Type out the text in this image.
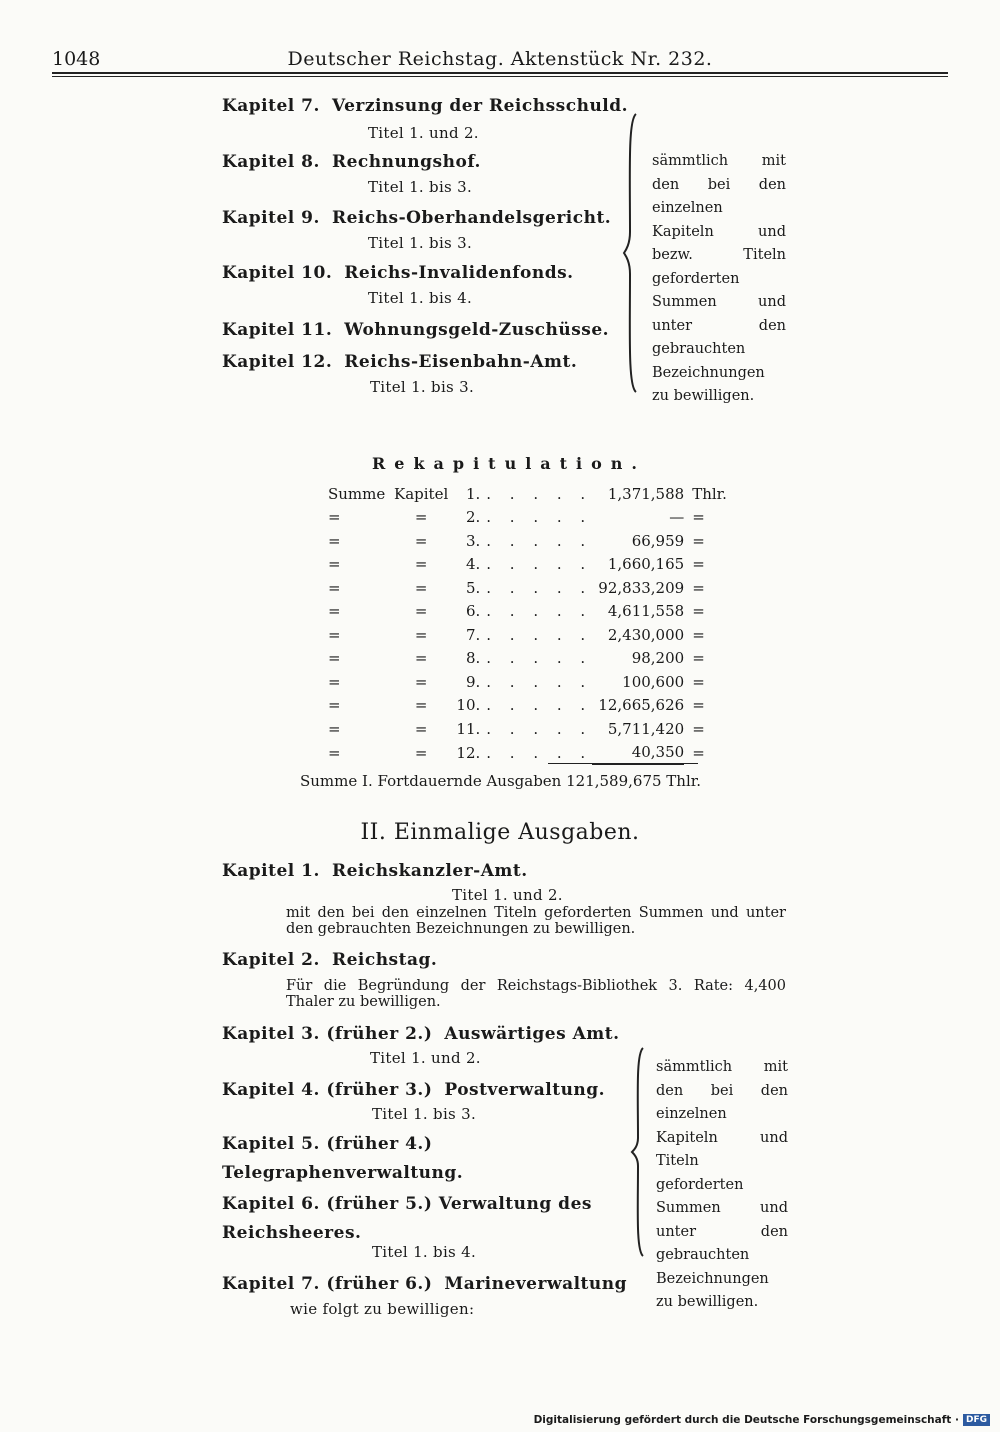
1048	Deutscher Reichstag. Aktenstück Nr. 232.
Kapitel 7. Verzinsung der Reichsschuld.
Titel 1. und 2.
Kapitel 8. Rechnungshof.
Titel 1. bis 3.
Kapitel 9. Reichs-Oberhandelsgericht.
Titel 1. bis 3.
Kapitel 10. Reichs-Invalidenfonds.
Titel 1. bis 4.
Kapitel 11. Wohnungsgeld-Zuschüsse.
Kapitel 12. Reichs-Eisenbahn-Amt.
Titel 1. bis 3.
sämmtlich mit den bei den einzelnen Kapiteln und bezw. Titeln geforderten Summen und unter den gebrauchten Bezeichnungen zu bewilligen.
Rekapitulation.
Summe	Kapitel	1.	. . . . .	1,371,588	Thlr.
=	=	2.	. . . . .	—	=
=	=	3.	. . . . .	66,959	=
=	=	4.	. . . . .	1,660,165	=
=	=	5.	. . . . .	92,833,209	=
=	=	6.	. . . . .	4,611,558	=
=	=	7.	. . . . .	2,430,000	=
=	=	8.	. . . . .	98,200	=
=	=	9.	. . . . .	100,600	=
=	=	10.	. . . . .	12,665,626	=
=	=	11.	. . . . .	5,711,420	=
=	=	12.	. . . . .	40,350	=
Summe I. Fortdauernde Ausgaben 121,589,675 Thlr.
II. Einmalige Ausgaben.
Kapitel 1. Reichskanzler-Amt.
Titel 1. und 2.
mit den bei den einzelnen Titeln geforderten Summen und unter den gebrauchten Bezeichnungen zu bewilligen.
Kapitel 2. Reichstag.
Für die Begründung der Reichstags-Bibliothek 3. Rate: 4,400 Thaler zu bewilligen.
Kapitel 3. (früher 2.) Auswärtiges Amt.
Titel 1. und 2.
Kapitel 4. (früher 3.) Postverwaltung.
Titel 1. bis 3.
Kapitel 5. (früher 4.) Telegraphenverwaltung.
Kapitel 6. (früher 5.) Verwaltung des Reichsheeres.
Titel 1. bis 4.
Kapitel 7. (früher 6.) Marineverwaltung
wie folgt zu bewilligen:
sämmtlich mit den bei den einzelnen Kapiteln und Titeln geforderten Summen und unter den gebrauchten Bezeichnungen zu bewilligen.
Digitalisierung gefördert durch die Deutsche Forschungsgemeinschaft · DFG
